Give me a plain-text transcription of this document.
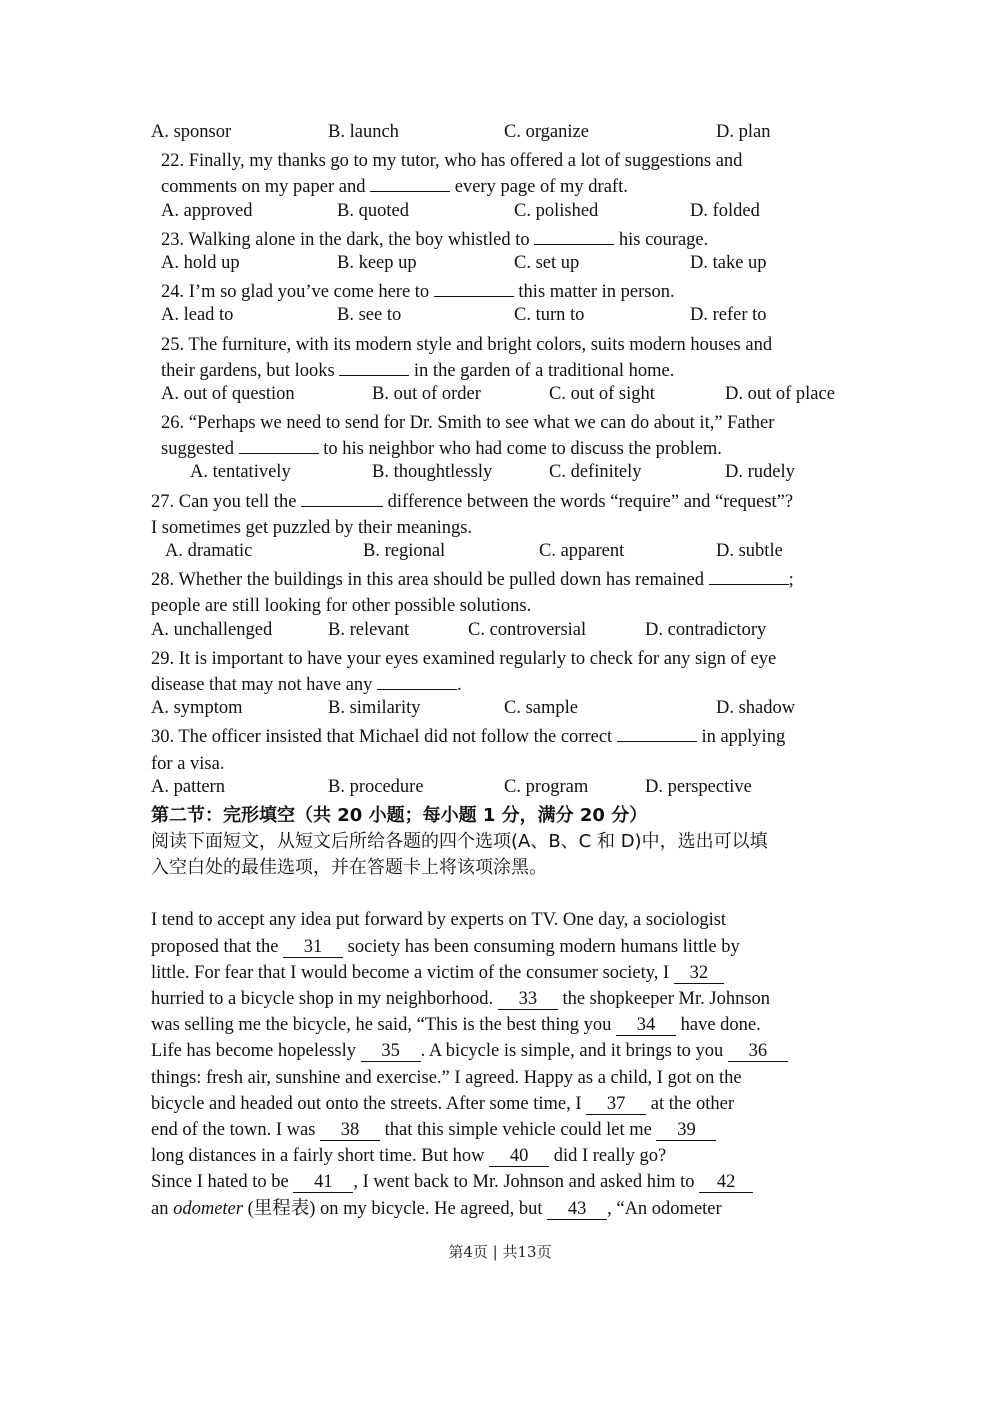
A. sponsor	B. launch	C. organize	D. plan
22. Finally, my thanks go to my tutor, who has offered a lot of suggestions and
comments on my paper and	every page of my draft.
A. approved	B. quoted	C. polished	D. folded
23. Walking alone in the dark, the boy whistled to	his courage.
A. hold up	B. keep up	C. set up	D. take up
24. I’m so glad you’ve come here to	this matter in person.
A. lead to	B. see to	C. turn to	D. refer to
25. The furniture, with its modern style and bright colors, suits modern houses and
their gardens, but looks	in the garden of a traditional home.
A. out of question	B. out of order	C. out of sight	D. out of place
26. “Perhaps we need to send for Dr. Smith to see what we can do about it,” Father
suggested	to his neighbor who had come to discuss the problem.
A. tentatively	B. thoughtlessly	C. definitely	D. rudely
27. Can you tell the	difference between the words “require” and “request”?
I sometimes get puzzled by their meanings.
A. dramatic	B. regional	C. apparent	D. subtle
28. Whether the buildings in this area should be pulled down has remained	;
people are still looking for other possible solutions.
A. unchallenged	B. relevant	C. controversial	D. contradictory
29. It is important to have your eyes examined regularly to check for any sign of eye
disease that may not have any	.
A. symptom	B. similarity	C. sample	D. shadow
30. The officer insisted that Michael did not follow the correct	in applying
for a visa.
A. pattern	B. procedure	C. program	D. perspective
第二节：完形填空（共 20 小题；每小题 1 分，满分 20 分）
阅读下面短文，从短文后所给各题的四个选项(A、B、C 和 D)中，选出可以填
入空白处的最佳选项，并在答题卡上将该项涂黑。
I tend to accept any idea put forward by experts on TV. One day, a sociologist
proposed that the 31 society has been consuming modern humans little by
little. For fear that I would become a victim of the consumer society, I 32
hurried to a bicycle shop in my neighborhood. 33 the shopkeeper Mr. Johnson
was selling me the bicycle, he said, “This is the best thing you 34 have done.
Life has become hopelessly 35 . A bicycle is simple, and it brings to you 36
things: fresh air, sunshine and exercise.” I agreed. Happy as a child, I got on the
bicycle and headed out onto the streets. After some time, I 37 at the other
end of the town. I was 38 that this simple vehicle could let me 39
long distances in a fairly short time. But how 40 did I really go?
Since I hated to be 41 , I went back to Mr. Johnson and asked him to 42
an odometer (里程表) on my bicycle. He agreed, but 43 , “An odometer
第4页 | 共13页
